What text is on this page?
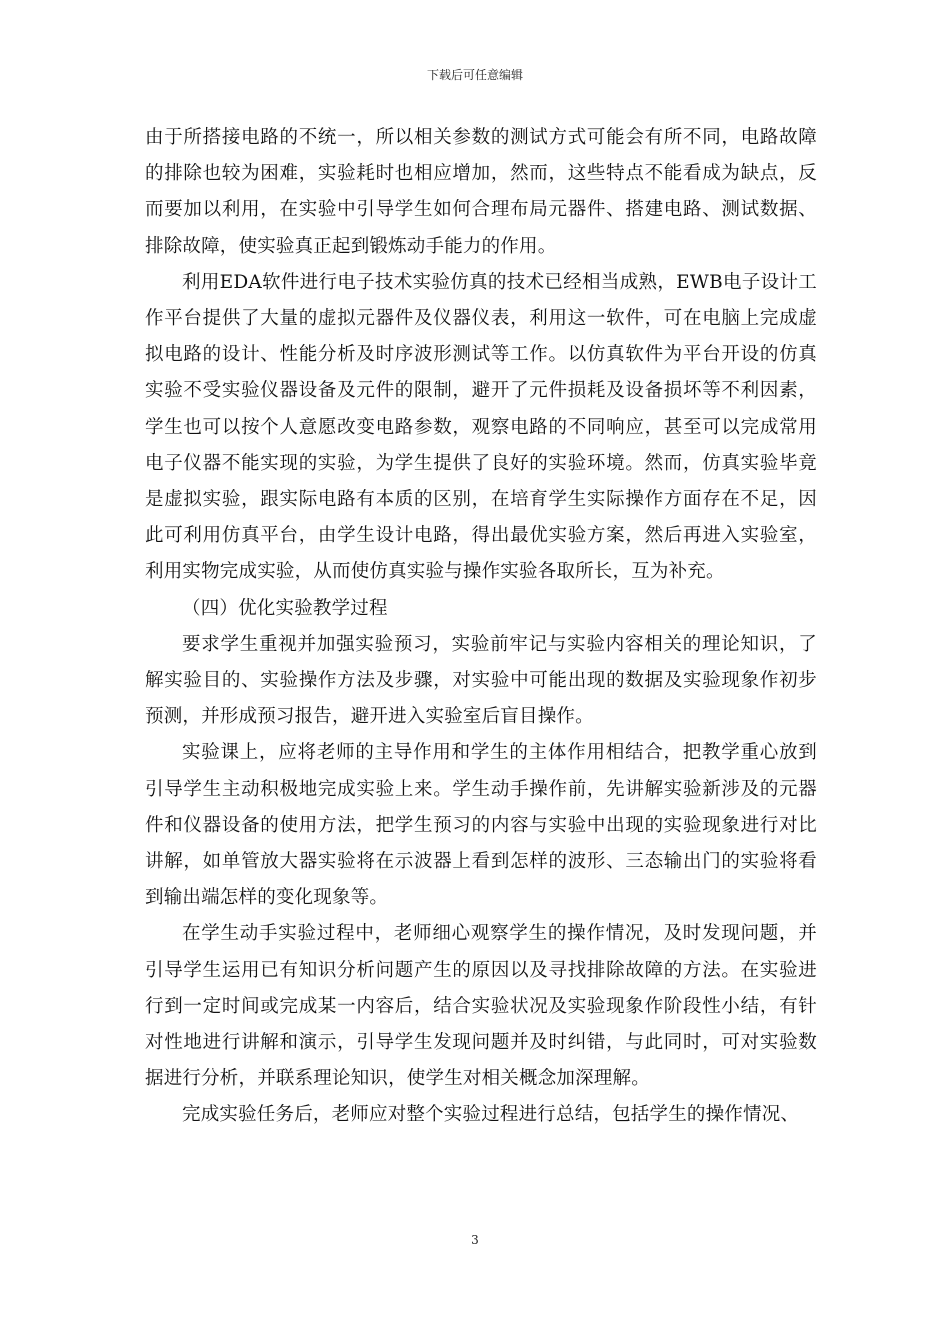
下载后可任意编辑

由于所搭接电路的不统一，所以相关参数的测试方式可能会有所不同，电路故障的排除也较为困难，实验耗时也相应增加，然而，这些特点不能看成为缺点，反而要加以利用，在实验中引导学生如何合理布局元器件、搭建电路、测试数据、排除故障，使实验真正起到锻炼动手能力的作用。

利用EDA软件进行电子技术实验仿真的技术已经相当成熟，EWB电子设计工作平台提供了大量的虚拟元器件及仪器仪表，利用这一软件，可在电脑上完成虚拟电路的设计、性能分析及时序波形测试等工作。以仿真软件为平台开设的仿真实验不受实验仪器设备及元件的限制，避开了元件损耗及设备损坏等不利因素，学生也可以按个人意愿改变电路参数，观察电路的不同响应，甚至可以完成常用电子仪器不能实现的实验，为学生提供了良好的实验环境。然而，仿真实验毕竟是虚拟实验，跟实际电路有本质的区别，在培育学生实际操作方面存在不足，因此可利用仿真平台，由学生设计电路，得出最优实验方案，然后再进入实验室，利用实物完成实验，从而使仿真实验与操作实验各取所长，互为补充。

（四）优化实验教学过程

要求学生重视并加强实验预习，实验前牢记与实验内容相关的理论知识，了解实验目的、实验操作方法及步骤，对实验中可能出现的数据及实验现象作初步预测，并形成预习报告，避开进入实验室后盲目操作。

实验课上，应将老师的主导作用和学生的主体作用相结合，把教学重心放到引导学生主动积极地完成实验上来。学生动手操作前，先讲解实验新涉及的元器件和仪器设备的使用方法，把学生预习的内容与实验中出现的实验现象进行对比讲解，如单管放大器实验将在示波器上看到怎样的波形、三态输出门的实验将看到输出端怎样的变化现象等。

在学生动手实验过程中，老师细心观察学生的操作情况，及时发现问题，并引导学生运用已有知识分析问题产生的原因以及寻找排除故障的方法。在实验进行到一定时间或完成某一内容后，结合实验状况及实验现象作阶段性小结，有针对性地进行讲解和演示，引导学生发现问题并及时纠错，与此同时，可对实验数据进行分析，并联系理论知识，使学生对相关概念加深理解。

完成实验任务后，老师应对整个实验过程进行总结，包括学生的操作情况、

3
